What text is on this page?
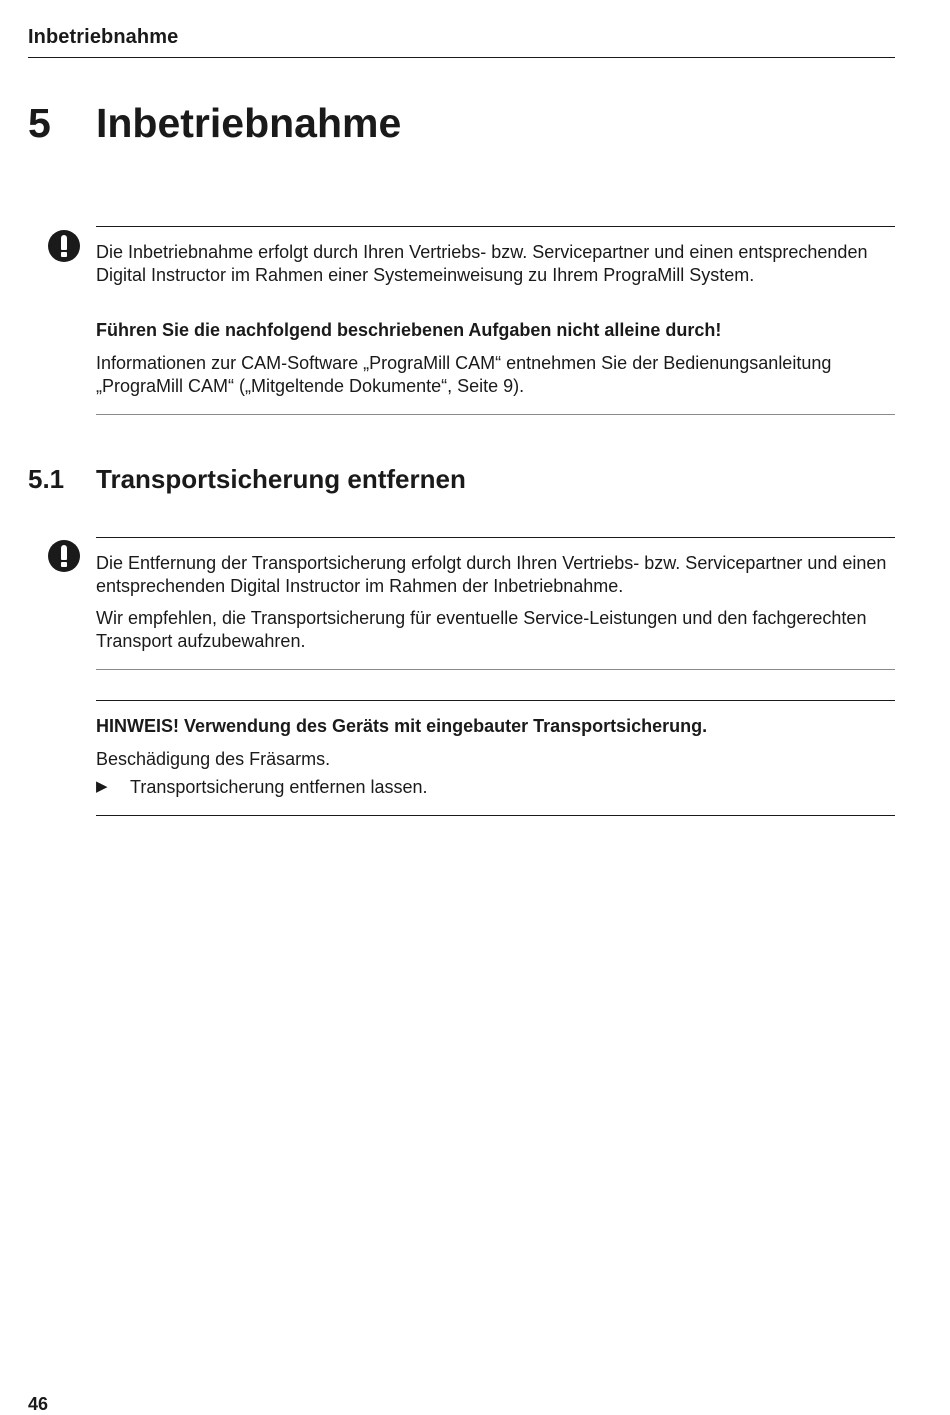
Inbetriebnahme
5 Inbetriebnahme

Die Inbetriebnahme erfolgt durch Ihren Vertriebs- bzw. Servicepartner und einen entsprechenden Digital Instructor im Rahmen einer Systemeinweisung zu Ihrem PrograMill System.

Führen Sie die nachfolgend beschriebenen Aufgaben nicht alleine durch!

Informationen zur CAM-Software „PrograMill CAM“ entnehmen Sie der Bedienungsanleitung „PrograMill CAM“ („Mitgeltende Dokumente“, Seite 9).

5.1 Transportsicherung entfernen

Die Entfernung der Transportsicherung erfolgt durch Ihren Vertriebs- bzw. Servicepartner und einen entsprechenden Digital Instructor im Rahmen der Inbetriebnahme.

Wir empfehlen, die Transportsicherung für eventuelle Service-Leistungen und den fachgerechten Transport aufzubewahren.

HINWEIS! Verwendung des Geräts mit eingebauter Transportsicherung.

Beschädigung des Fräsarms.

▶ Transportsicherung entfernen lassen.
46
